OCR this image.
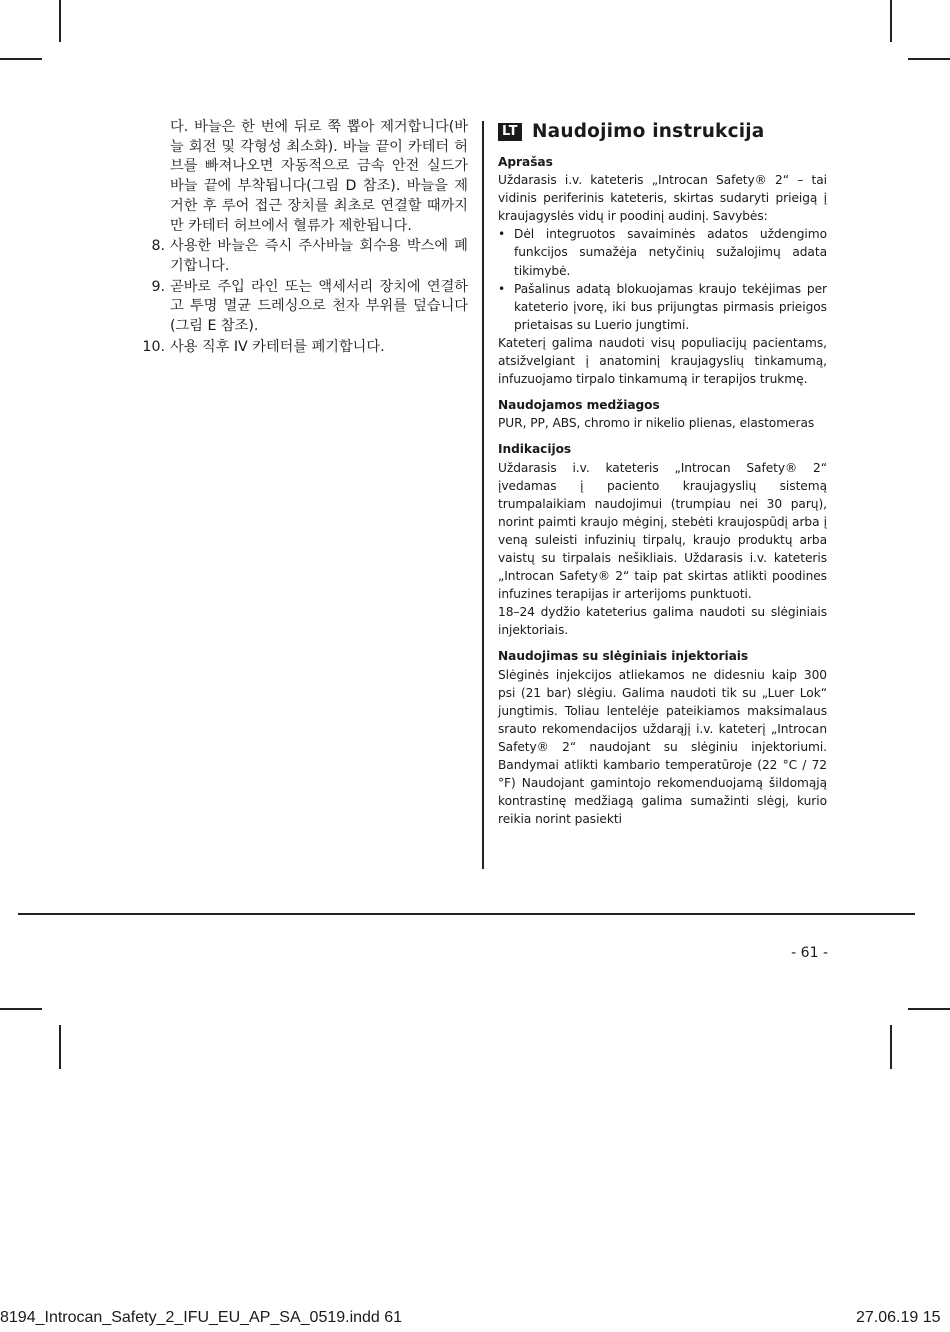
다. 바늘은 한 번에 뒤로 쭉 뽑아 제거합니다(바늘 회전 및 각형성 최소화). 바늘 끝이 카테터 허브를 빠져나오면 자동적으로 금속 안전 실드가 바늘 끝에 부착됩니다(그림 D 참조). 바늘을 제거한 후 루어 접근 장치를 최초로 연결할 때까지만 카테터 허브에서 혈류가 제한됩니다.
8. 사용한 바늘은 즉시 주사바늘 회수용 박스에 폐기합니다.
9. 곧바로 주입 라인 또는 액세서리 장치에 연결하고 투명 멸균 드레싱으로 천자 부위를 덮습니다(그림 E 참조).
10. 사용 직후 IV 카테터를 폐기합니다.
LT Naudojimo instrukcija
Aprašas

Uždarasis i.v. kateteris „Introcan Safety® 2“ – tai vidinis periferinis kateteris, skirtas sudaryti prieigą į kraujagyslės vidų ir poodinį audinį. Savybės:

• Dėl integruotos savaiminės adatos uždengimo funkcijos sumažėja netyčinių sužalojimų adata tikimybė.
• Pašalinus adatą blokuojamas kraujo tekėjimas per kateterio įvorę, iki bus prijungtas pirmasis prieigos prietaisas su Luerio jungtimi.

Kateterį galima naudoti visų populiacijų pacientams, atsižvelgiant į anatominį kraujagyslių tinkamumą, infuzuojamo tirpalo tinkamumą ir terapijos trukmę.

Naudojamos medžiagos

PUR, PP, ABS, chromo ir nikelio plienas, elastomeras

Indikacijos

Uždarasis i.v. kateteris „Introcan Safety® 2“ įvedamas į paciento kraujagyslių sistemą trumpalaikiam naudojimui (trumpiau nei 30 parų), norint paimti kraujo mėginį, stebėti kraujospūdį arba į veną suleisti infuzinių tirpalų, kraujo produktų arba vaistų su tirpalais nešikliais. Uždarasis i.v. kateteris „Introcan Safety® 2“ taip pat skirtas atlikti poodines infuzines terapijas ir arterijoms punktuoti.

18–24 dydžio kateterius galima naudoti su slėginiais injektoriais.

Naudojimas su slėginiais injektoriais

Slėginės injekcijos atliekamos ne didesniu kaip 300 psi (21 bar) slėgiu. Galima naudoti tik su „Luer Lok“ jungtimis. Toliau lentelėje pateikiamos maksimalaus srauto rekomendacijos uždarąjį i.v. kateterį „Introcan Safety® 2“ naudojant su slėginiu injektoriumi. Bandymai atlikti kambario temperatūroje (22 °C / 72 °F) Naudojant gamintojo rekomenduojamą šildomąją kontrastinę medžiagą galima sumažinti slėgį, kurio reikia norint pasiekti

- 61 -
8194_Introcan_Safety_2_IFU_EU_AP_SA_0519.indd 61	27.06.19 15
